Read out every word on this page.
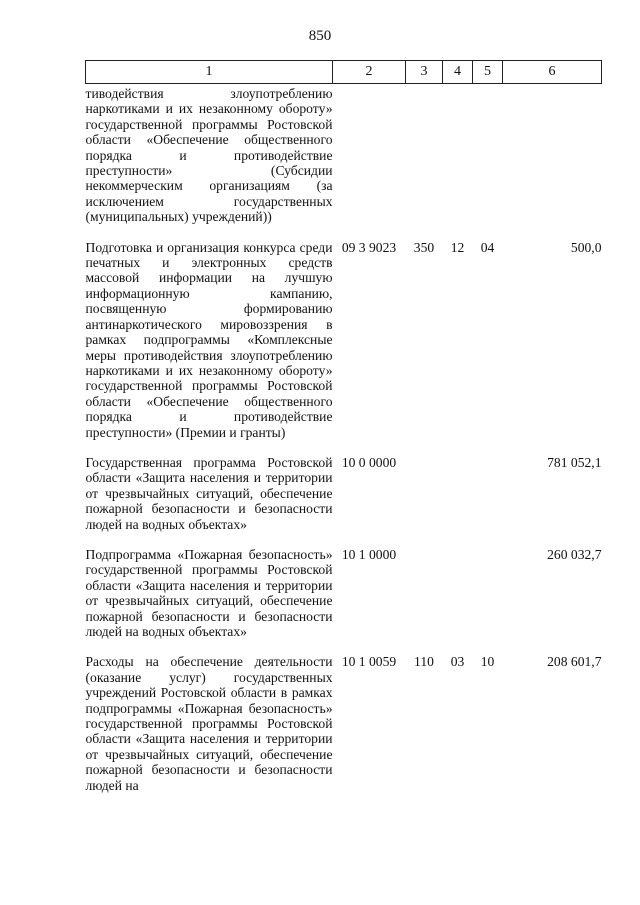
850
1	2	3	4	5	6
тиводействия злоупотреблению наркотиками и их незаконному обороту» государственной программы Ростовской области «Обеспечение общественного порядка и противодействие преступности» (Субсидии некоммерческим организациям (за исключением государственных (муниципальных) учреждений))					
Подготовка и организация конкурса среди печатных и электронных средств массовой информации на лучшую информационную кампанию, посвященную формированию антинаркотического мировоззрения в рамках подпрограммы «Комплексные меры противодействия злоупотреблению наркотиками и их незаконному обороту» государственной программы Ростовской области «Обеспечение общественного порядка и противодействие преступности» (Премии и гранты)	09 3 9023	350	12	04	500,0
Государственная программа Ростовской области «Защита населения и территории от чрезвычайных ситуаций, обеспечение пожарной безопасности и безопасности людей на водных объектах»	10 0 0000				781 052,1
Подпрограмма «Пожарная безопасность» государственной программы Ростовской области «Защита населения и территории от чрезвычайных ситуаций, обеспечение пожарной безопасности и безопасности людей на водных объектах»	10 1 0000				260 032,7
Расходы на обеспечение деятельности (оказание услуг) государственных учреждений Ростовской области в рамках подпрограммы «Пожарная безопасность» государственной программы Ростовской области «Защита населения и территории от чрезвычайных ситуаций, обеспечение пожарной безопасности и безопасности людей на	10 1 0059	110	03	10	208 601,7
